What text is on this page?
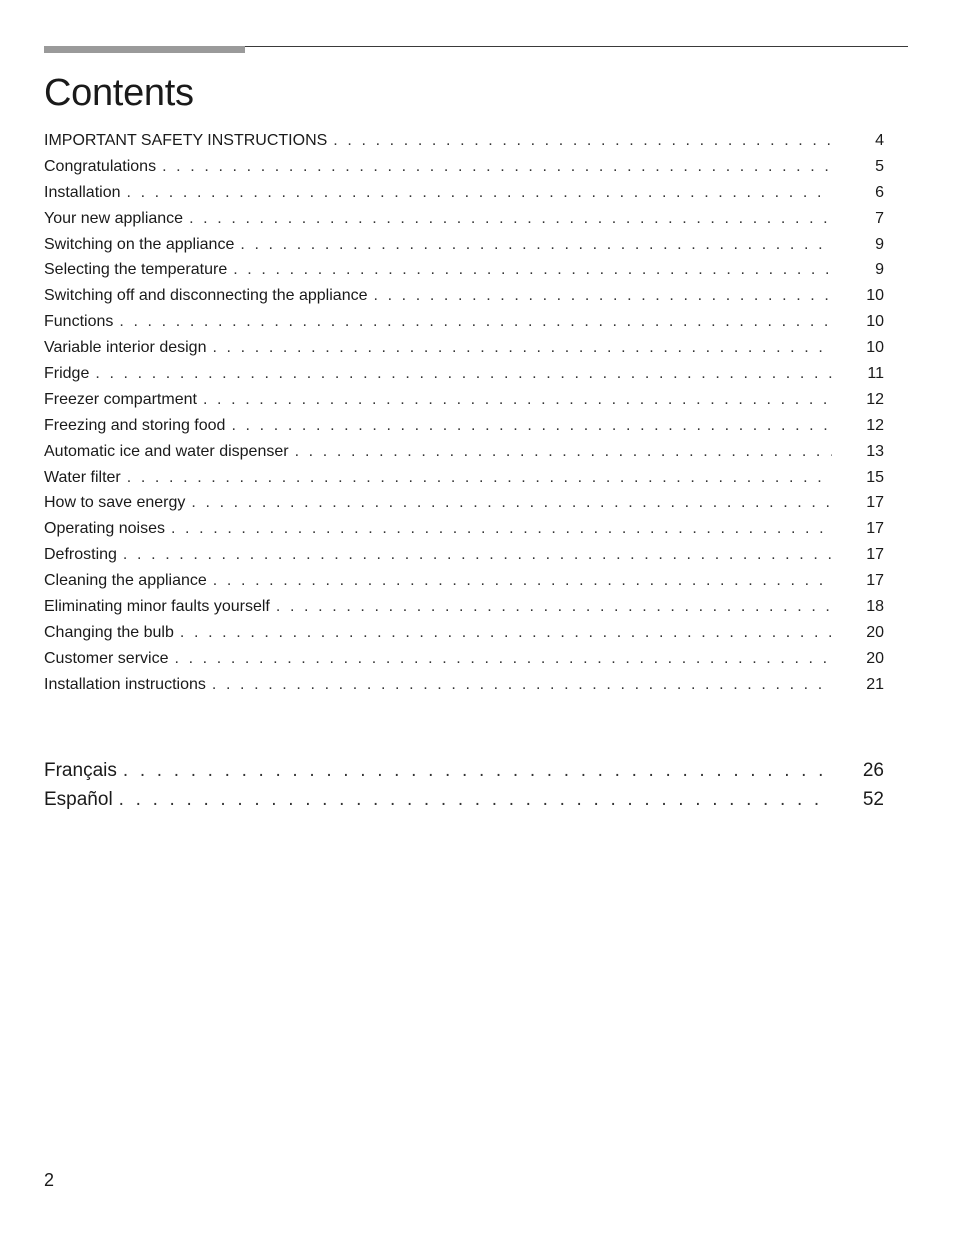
Contents
IMPORTANT SAFETY INSTRUCTIONS . . .	4
Congratulations . . .	5
Installation . . .	6
Your new appliance . . .	7
Switching on the appliance . . .	9
Selecting the temperature . . .	9
Switching off and disconnecting the appliance . . .	10
Functions . . .	10
Variable interior design . . .	10
Fridge . . .	11
Freezer compartment . . .	12
Freezing and storing food . . .	12
Automatic ice and water dispenser . . .	13
Water filter . . .	15
How to save energy . . .	17
Operating noises . . .	17
Defrosting . . .	17
Cleaning the appliance . . .	17
Eliminating minor faults yourself . . .	18
Changing the bulb . . .	20
Customer service . . .	20
Installation instructions . . .	21
Français . . .	26
Español . . .	52
2
